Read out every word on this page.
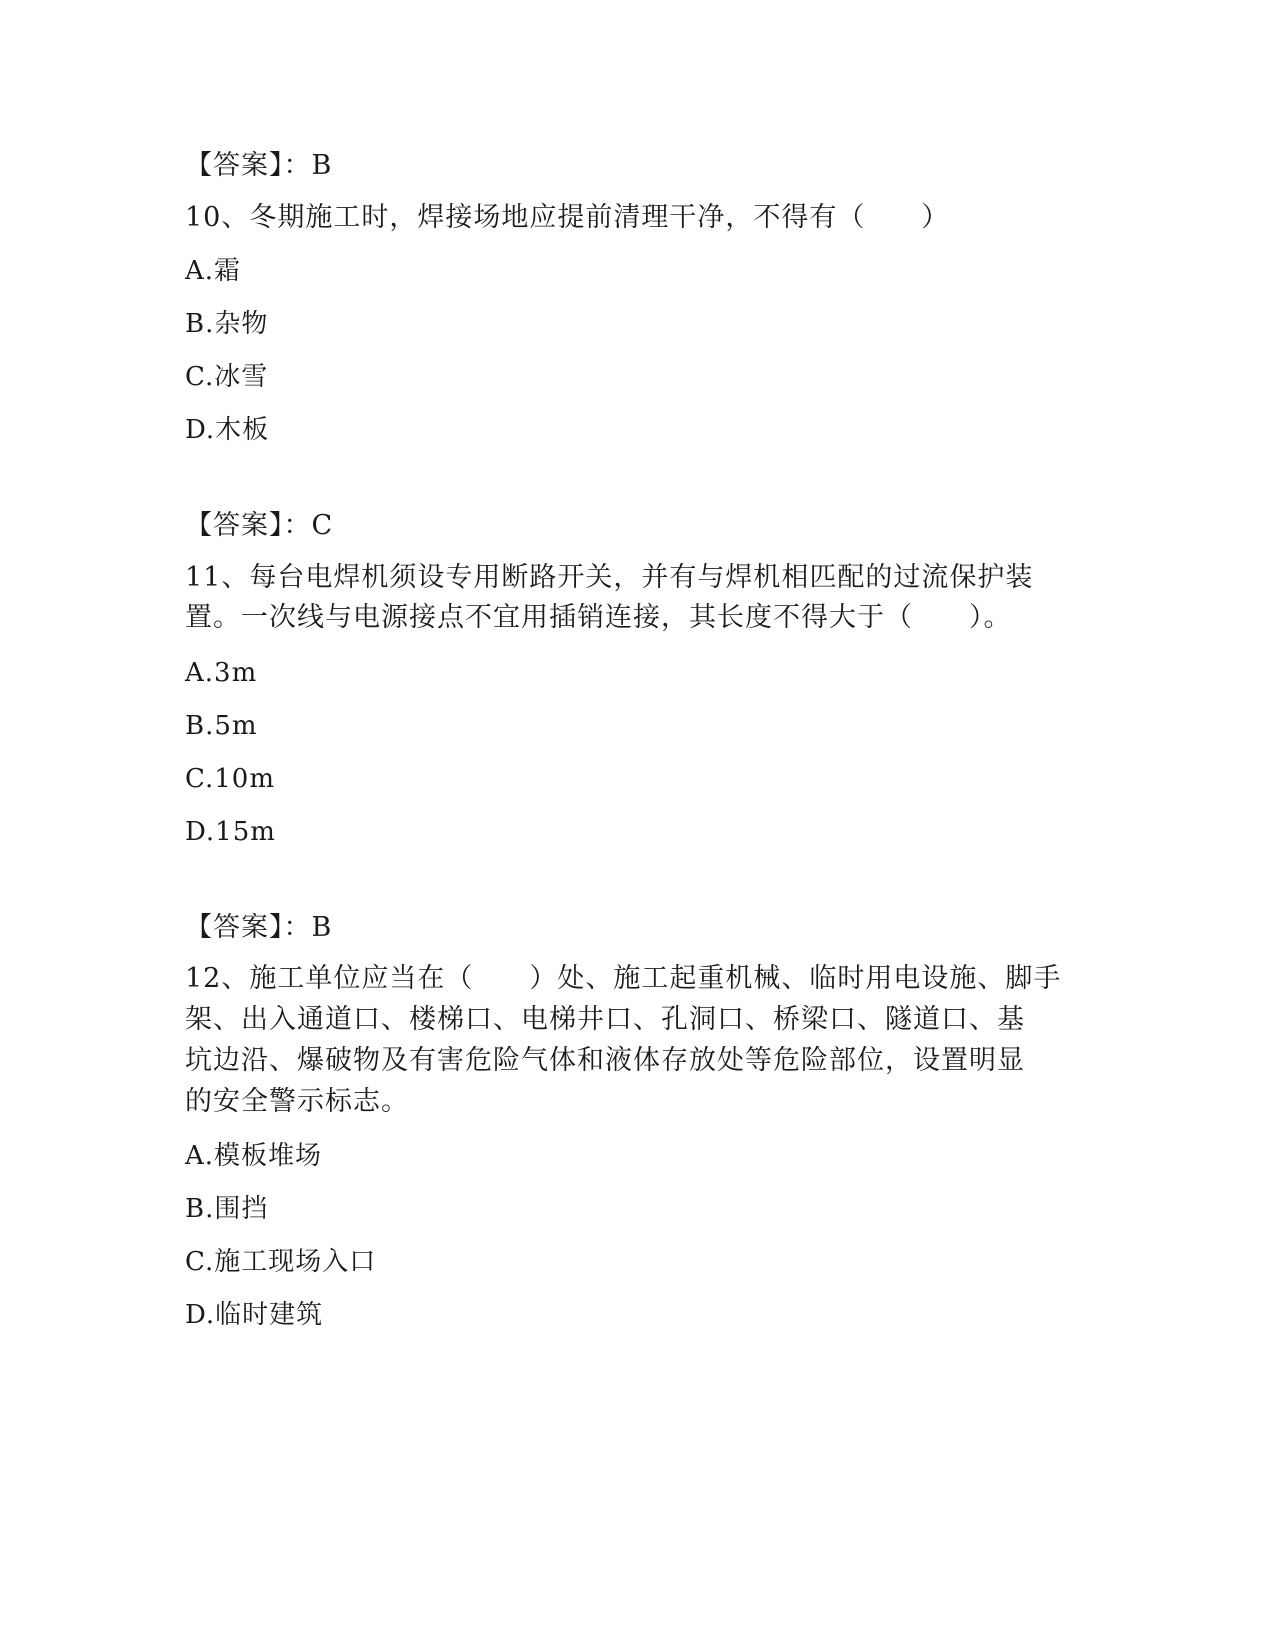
【答案】：B
10、冬期施工时，焊接场地应提前清理干净，不得有（　　）
A.霜
B.杂物
C.冰雪
D.木板
【答案】：C
11、每台电焊机须设专用断路开关，并有与焊机相匹配的过流保护装
置。一次线与电源接点不宜用插销连接，其长度不得大于（　　）。
A.3m
B.5m
C.10m
D.15m
【答案】：B
12、施工单位应当在（　　）处、施工起重机械、临时用电设施、脚手
架、出入通道口、楼梯口、电梯井口、孔洞口、桥梁口、隧道口、基
坑边沿、爆破物及有害危险气体和液体存放处等危险部位，设置明显
的安全警示标志。
A.模板堆场
B.围挡
C.施工现场入口
D.临时建筑
